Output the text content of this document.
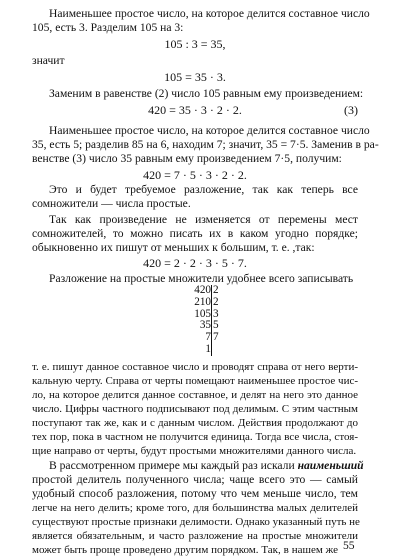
Наименьшее простое число, на которое делится составное число
105, есть 3. Разделим 105 на 3:
105 : 3 = 35,
значит
105 = 35 · 3.
Заменим в равенстве (2) число 105 равным ему произведением:
420 = 35 · 3 · 2 · 2.	(3)
Наименьшее простое число, на которое делится составное число
35, есть 5; разделив 85 на 6, находим 7; значит, 35 = 7·5. Заменив в ра-
венстве (3) число 35 равным ему произведением 7·5, получим:
420 = 7 · 5 · 3 · 2 · 2.
Это и будет требуемое разложение, так как теперь все
сомножители — числа простые.
Так как произведение не изменяется от перемены мест
сомножителей, то можно писать их в каком угодно порядке;
обыкновенно их пишут от меньших к большим, т. е. ,так:
420 = 2 · 2 · 3 · 5 · 7.
Разложение на простые множители удобнее всего записывать
420 2
210 2
105 3
35 5
7 7
1
т. е. пишут данное составное число и проводят справа от него верти-
кальную черту. Справа от черты помещают наименьшее простое чис-
ло, на которое делится данное составное, и делят на него это данное
число. Цифры частного подписывают под делимым. С этим частным
поступают так же, как и с данным числом. Действия продолжают до
тех пор, пока в частном не получится единица. Тогда все числа, стоя-
щие направо от черты, будут простыми множителями данного числа.
В рассмотренном примере мы каждый раз искали наименьший
простой делитель полученного числа; чаще всего это — самый
удобный способ разложения, потому что чем меньше число, тем
легче на него делить; кроме того, для большинства малых делителей
существуют простые признаки делимости. Однако указанный путь не
является обязательным, и часто разложение на простые множители
может быть проще проведено другим порядком. Так, в нашем же 55
